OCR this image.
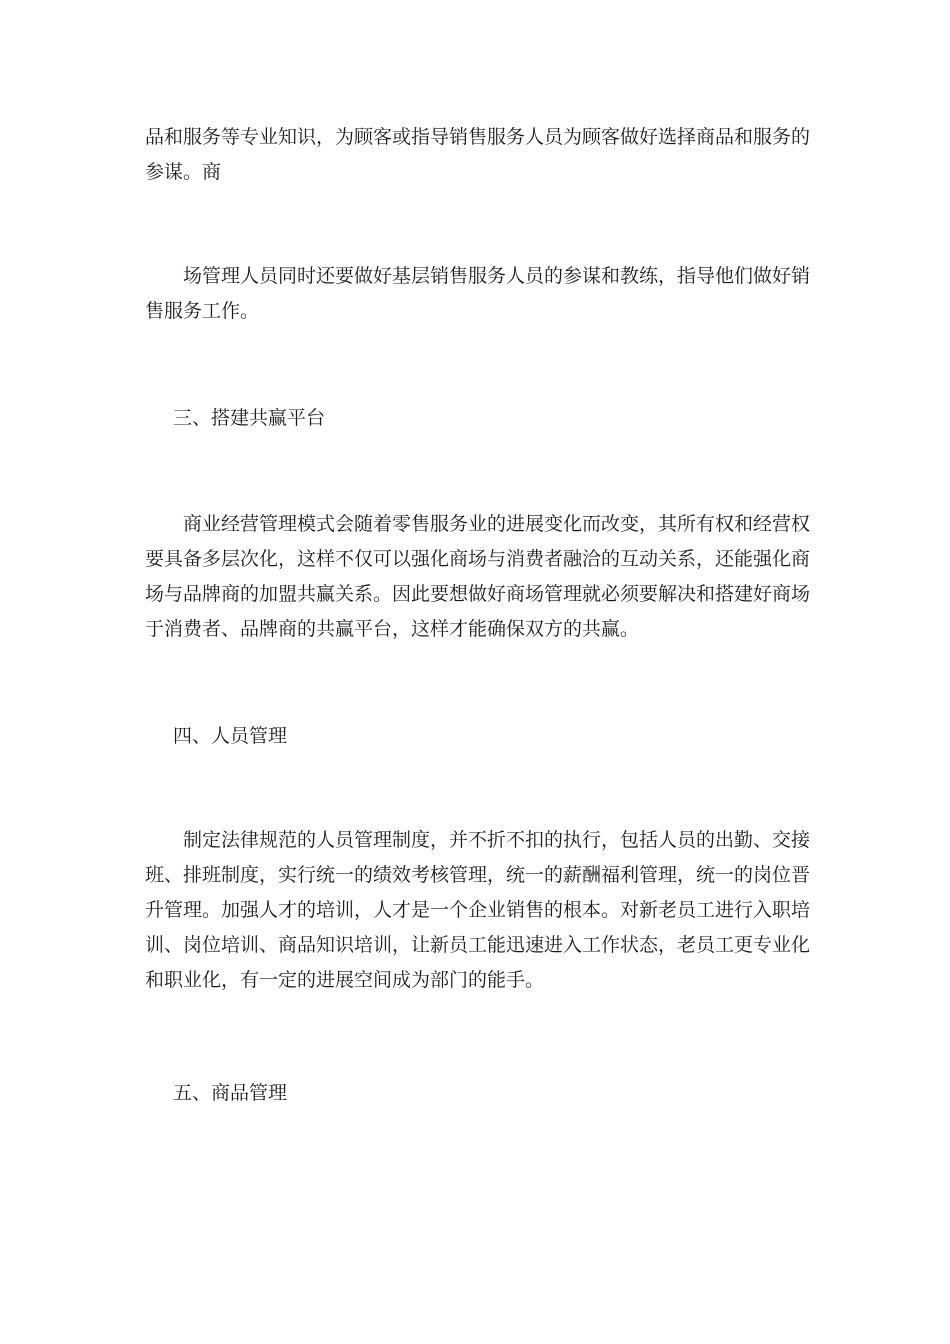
品和服务等专业知识，为顾客或指导销售服务人员为顾客做好选择商品和服务的参谋。商

场管理人员同时还要做好基层销售服务人员的参谋和教练，指导他们做好销售服务工作。

三、搭建共赢平台

商业经营管理模式会随着零售服务业的进展变化而改变，其所有权和经营权要具备多层次化，这样不仅可以强化商场与消费者融洽的互动关系，还能强化商场与品牌商的加盟共赢关系。因此要想做好商场管理就必须要解决和搭建好商场于消费者、品牌商的共赢平台，这样才能确保双方的共赢。

四、人员管理

制定法律规范的人员管理制度，并不折不扣的执行，包括人员的出勤、交接班、排班制度，实行统一的绩效考核管理，统一的薪酬福利管理，统一的岗位晋升管理。加强人才的培训，人才是一个企业销售的根本。对新老员工进行入职培训、岗位培训、商品知识培训，让新员工能迅速进入工作状态，老员工更专业化和职业化，有一定的进展空间成为部门的能手。

五、商品管理
